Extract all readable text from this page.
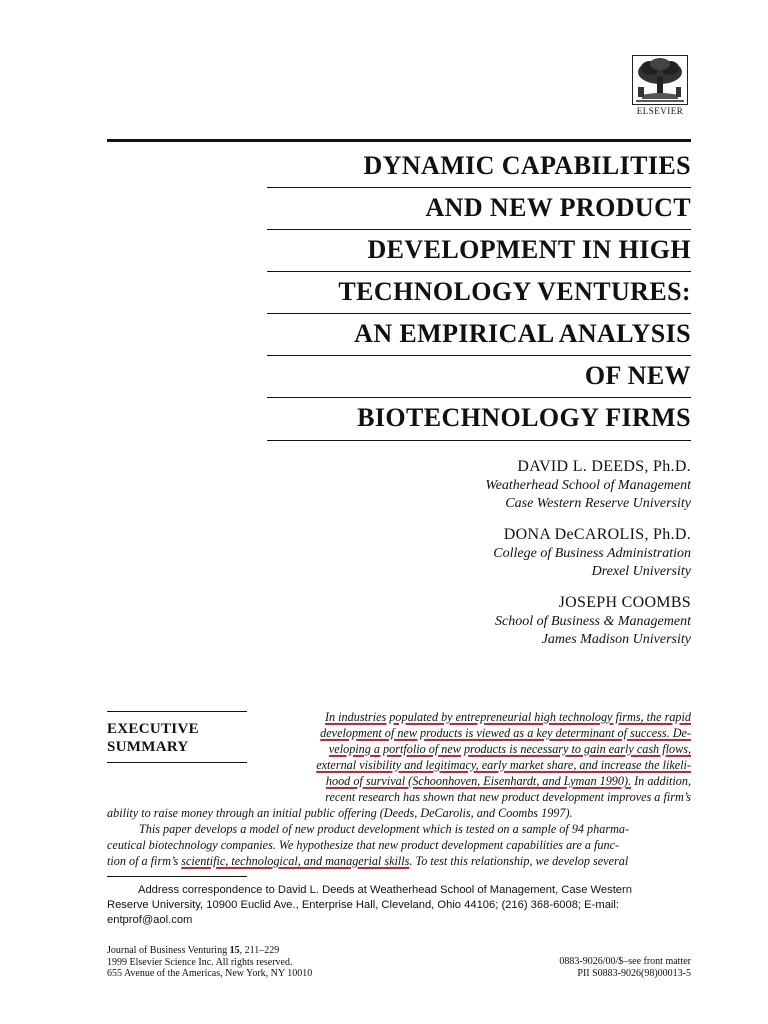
ELSEVIER
DYNAMIC CAPABILITIES
AND NEW PRODUCT
DEVELOPMENT IN HIGH
TECHNOLOGY VENTURES:
AN EMPIRICAL ANALYSIS
OF NEW
BIOTECHNOLOGY FIRMS
DAVID L. DEEDS, Ph.D.
Weatherhead School of Management
Case Western Reserve University
DONA DeCAROLIS, Ph.D.
College of Business Administration
Drexel University
JOSEPH COOMBS
School of Business & Management
James Madison University
EXECUTIVE
SUMMARY
In industries populated by entrepreneurial high technology firms, the rapid
development of new products is viewed as a key determinant of success. De-
veloping a portfolio of new products is necessary to gain early cash flows,
external visibility and legitimacy, early market share, and increase the likeli-
hood of survival (Schoonhoven, Eisenhardt, and Lyman 1990). In addition,
recent research has shown that new product development improves a firm’s
ability to raise money through an initial public offering (Deeds, DeCarolis, and Coombs 1997).
This paper develops a model of new product development which is tested on a sample of 94 pharma-
ceutical biotechnology companies. We hypothesize that new product development capabilities are a func-
tion of a firm’s scientific, technological, and managerial skills. To test this relationship, we develop several
Address correspondence to David L. Deeds at Weatherhead School of Management, Case Western
Reserve University, 10900 Euclid Ave., Enterprise Hall, Cleveland, Ohio 44106; (216) 368-6008; E-mail:
entprof@aol.com
Journal of Business Venturing 15, 211–229
1999 Elsevier Science Inc. All rights reserved.
655 Avenue of the Americas, New York, NY 10010
0883-9026/00/$–see front matter
PII S0883-9026(98)00013-5
